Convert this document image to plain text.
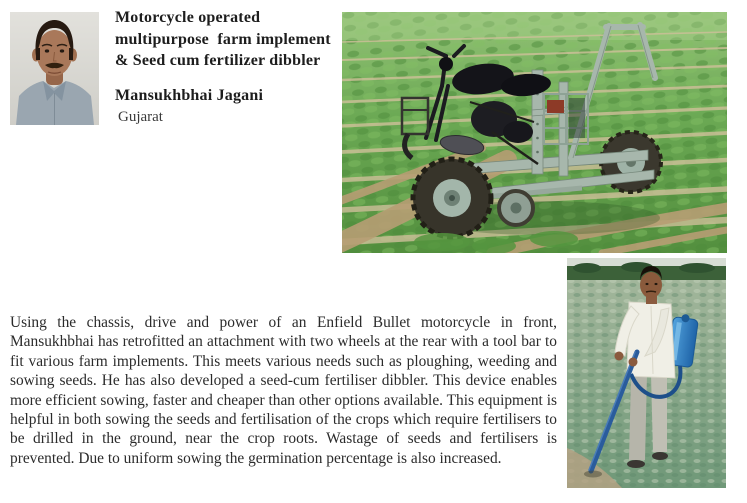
Motorcycle operated
multipurpose  farm implement
& Seed cum fertilizer dibbler
Mansukhbhai Jagani
Gujarat

Using the chassis, drive and power of an Enfield Bullet motorcycle in front, Mansukhbhai has retrofitted an attachment with two wheels at the rear with a tool bar to fit various farm implements. This meets various needs such as ploughing, weeding and sowing seeds. He has also developed a seed-cum fertiliser dibbler. This device enables more efficient sowing, faster and cheaper than other options available. This equipment is helpful in both sowing the seeds and fertilisation of the crops which require fertilisers to be drilled in the ground, near the crop roots. Wastage of seeds and fertilisers is prevented. Due to uniform sowing the germination percentage is also increased.
